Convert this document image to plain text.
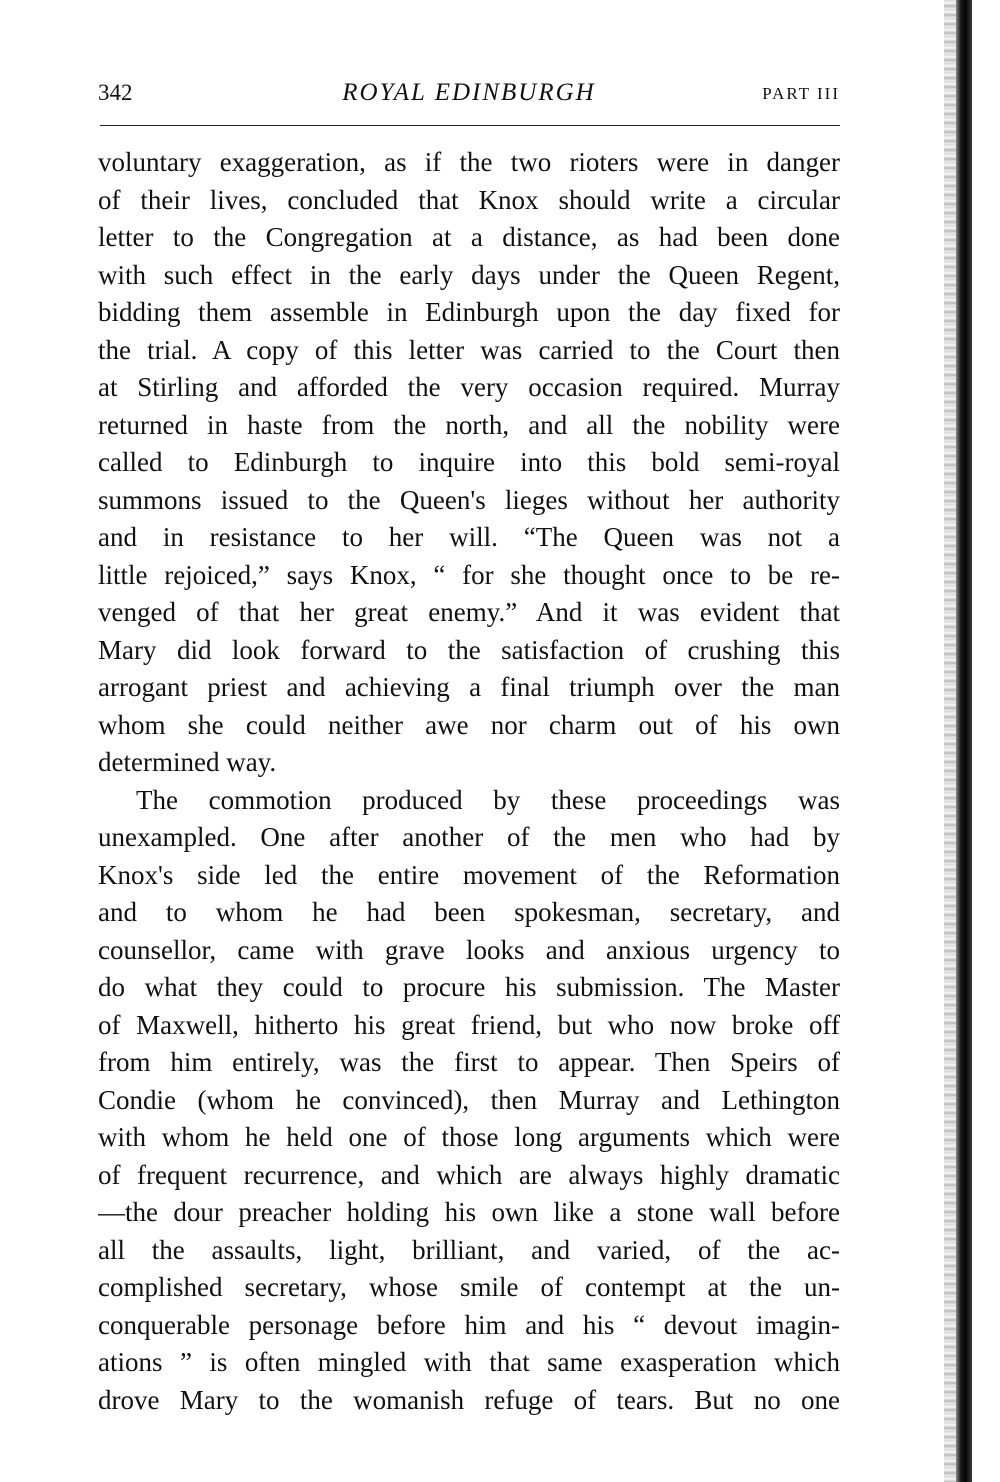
342	ROYAL EDINBURGH	PART III
voluntary exaggeration, as if the two rioters were in danger
of their lives, concluded that Knox should write a circular
letter to the Congregation at a distance, as had been done
with such effect in the early days under the Queen Regent,
bidding them assemble in Edinburgh upon the day fixed for
the trial. A copy of this letter was carried to the Court then
at Stirling and afforded the very occasion required. Murray
returned in haste from the north, and all the nobility were
called to Edinburgh to inquire into this bold semi-royal
summons issued to the Queen's lieges without her authority
and in resistance to her will. “The Queen was not a
little rejoiced,” says Knox, “ for she thought once to be re-
venged of that her great enemy.” And it was evident that
Mary did look forward to the satisfaction of crushing this
arrogant priest and achieving a final triumph over the man
whom she could neither awe nor charm out of his own
determined way.
The commotion produced by these proceedings was
unexampled. One after another of the men who had by
Knox's side led the entire movement of the Reformation
and to whom he had been spokesman, secretary, and
counsellor, came with grave looks and anxious urgency to
do what they could to procure his submission. The Master
of Maxwell, hitherto his great friend, but who now broke off
from him entirely, was the first to appear. Then Speirs of
Condie (whom he convinced), then Murray and Lethington
with whom he held one of those long arguments which were
of frequent recurrence, and which are always highly dramatic
—the dour preacher holding his own like a stone wall before
all the assaults, light, brilliant, and varied, of the ac-
complished secretary, whose smile of contempt at the un-
conquerable personage before him and his “ devout imagin-
ations ” is often mingled with that same exasperation which
drove Mary to the womanish refuge of tears. But no one
